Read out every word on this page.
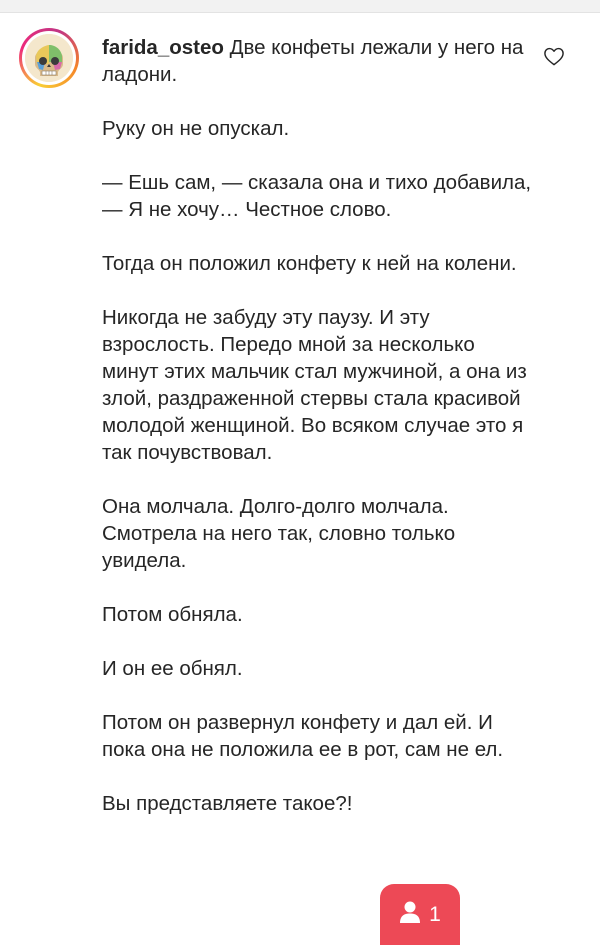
farida_osteo Две конфеты лежали у него на ладони.

Руку он не опускал.

— Ешь сам, — сказала она и тихо добавила, — Я не хочу… Честное слово.

Тогда он положил конфету к ней на колени.

Никогда не забуду эту паузу. И эту взрослость. Передо мной за несколько минут этих мальчик стал мужчиной, а она из злой, раздраженной стервы стала красивой молодой женщиной. Во всяком случае это я так почувствовал.

Она молчала. Долго-долго молчала. Смотрела на него так, словно только увидела.

Потом обняла.

И он ее обнял.

Потом он развернул конфету и дал ей. И пока она не положила ее в рот, сам не ел.

Вы представляете такое?!

1
